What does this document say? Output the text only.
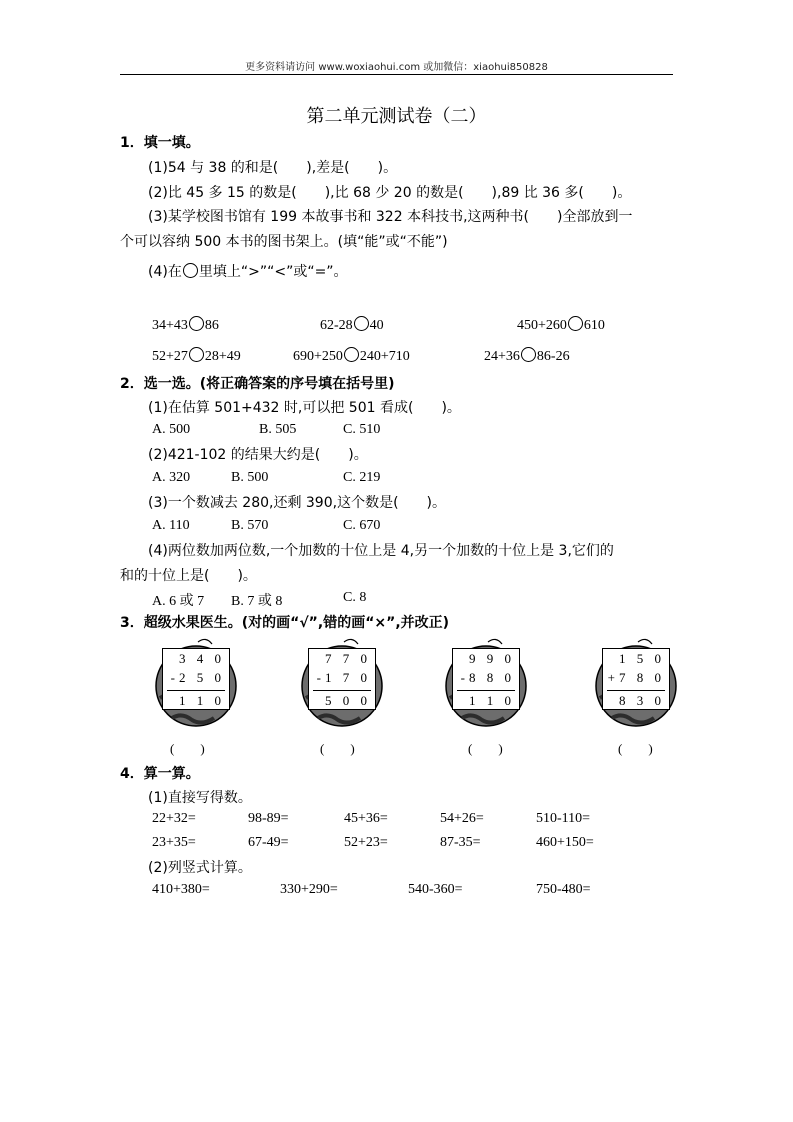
更多资料请访问 www.woxiaohui.com 或加微信：xiaohui850828
第二单元测试卷（二）
1．填一填。
(1)54 与 38 的和是(　　),差是(　　)。
(2)比 45 多 15 的数是(　　),比 68 少 20 的数是(　　),89 比 36 多(　　)。
(3)某学校图书馆有 199 本故事书和 322 本科技书,这两种书(　　)全部放到一
个可以容纳 500 本书的图书架上。(填“能”或“不能”)
(4)在 里填上“>”“<”或“=”。
34+43 86	62-28 40	450+260 610
52+27 28+49	690+250 240+710	24+36 86-26
2．选一选。(将正确答案的序号填在括号里)
(1)在估算 501+432 时,可以把 501 看成(　　)。
A. 500	B. 505	C. 510
(2)421-102 的结果大约是(　　)。
A. 320	B. 500	C. 219
(3)一个数减去 280,还剩 390,这个数是(　　)。
A. 110	B. 570	C. 670
(4)两位数加两位数,一个加数的十位上是 4,另一个加数的十位上是 3,它们的
和的十位上是(　　)。
A. 6 或 7 B. 7 或 8	C. 8
3．超级水果医生。(对的画“√”,错的画“×”,并改正)
3 4 0
-2 5 0
1 1 0
7 7 0
-1 7 0
5 0 0
9 9 0
-8 8 0
1 1 0
1 5 0
+7 8 0
8 3 0
(　　)	(　　)	(　　)	(　　)
4．算一算。
(1)直接写得数。
22+32=	98-89=	45+36=	54+26=	510-110=
23+35=	67-49=	52+23=	87-35=	460+150=
(2)列竖式计算。
410+380=	330+290=	540-360=	750-480=
